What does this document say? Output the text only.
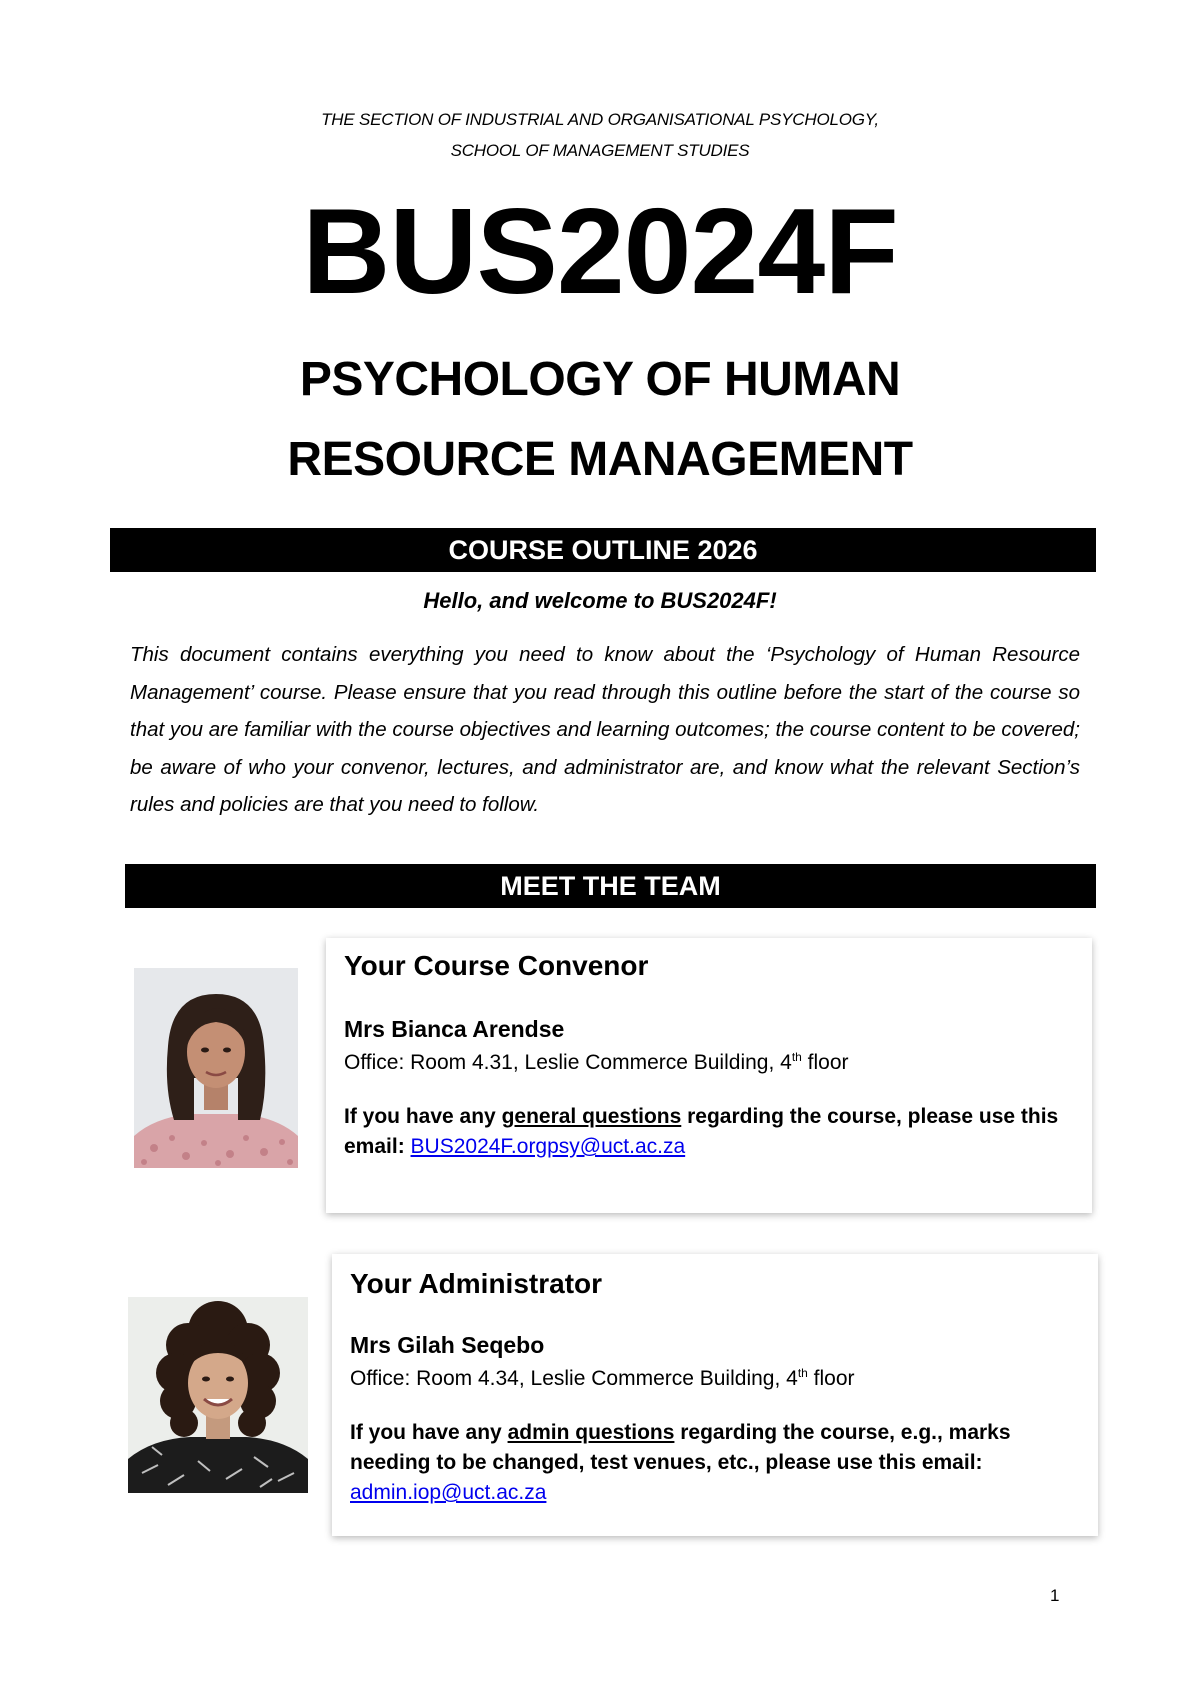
THE SECTION OF INDUSTRIAL AND ORGANISATIONAL PSYCHOLOGY,
SCHOOL OF MANAGEMENT STUDIES
BUS2024F
PSYCHOLOGY OF HUMAN
RESOURCE MANAGEMENT
COURSE OUTLINE 2026
Hello, and welcome to BUS2024F!
This document contains everything you need to know about the ‘Psychology of Human Resource Management’ course. Please ensure that you read through this outline before the start of the course so that you are familiar with the course objectives and learning outcomes; the course content to be covered; be aware of who your convenor, lectures, and administrator are, and know what the relevant Section’s rules and policies are that you need to follow.
MEET THE TEAM
Your Course Convenor
Mrs Bianca Arendse
Office: Room 4.31, Leslie Commerce Building, 4th floor
If you have any general questions regarding the course, please use this email: BUS2024F.orgpsy@uct.ac.za
Your Administrator
Mrs Gilah Seqebo
Office: Room 4.34, Leslie Commerce Building, 4th floor
If you have any admin questions regarding the course, e.g., marks needing to be changed, test venues, etc., please use this email: admin.iop@uct.ac.za
1
